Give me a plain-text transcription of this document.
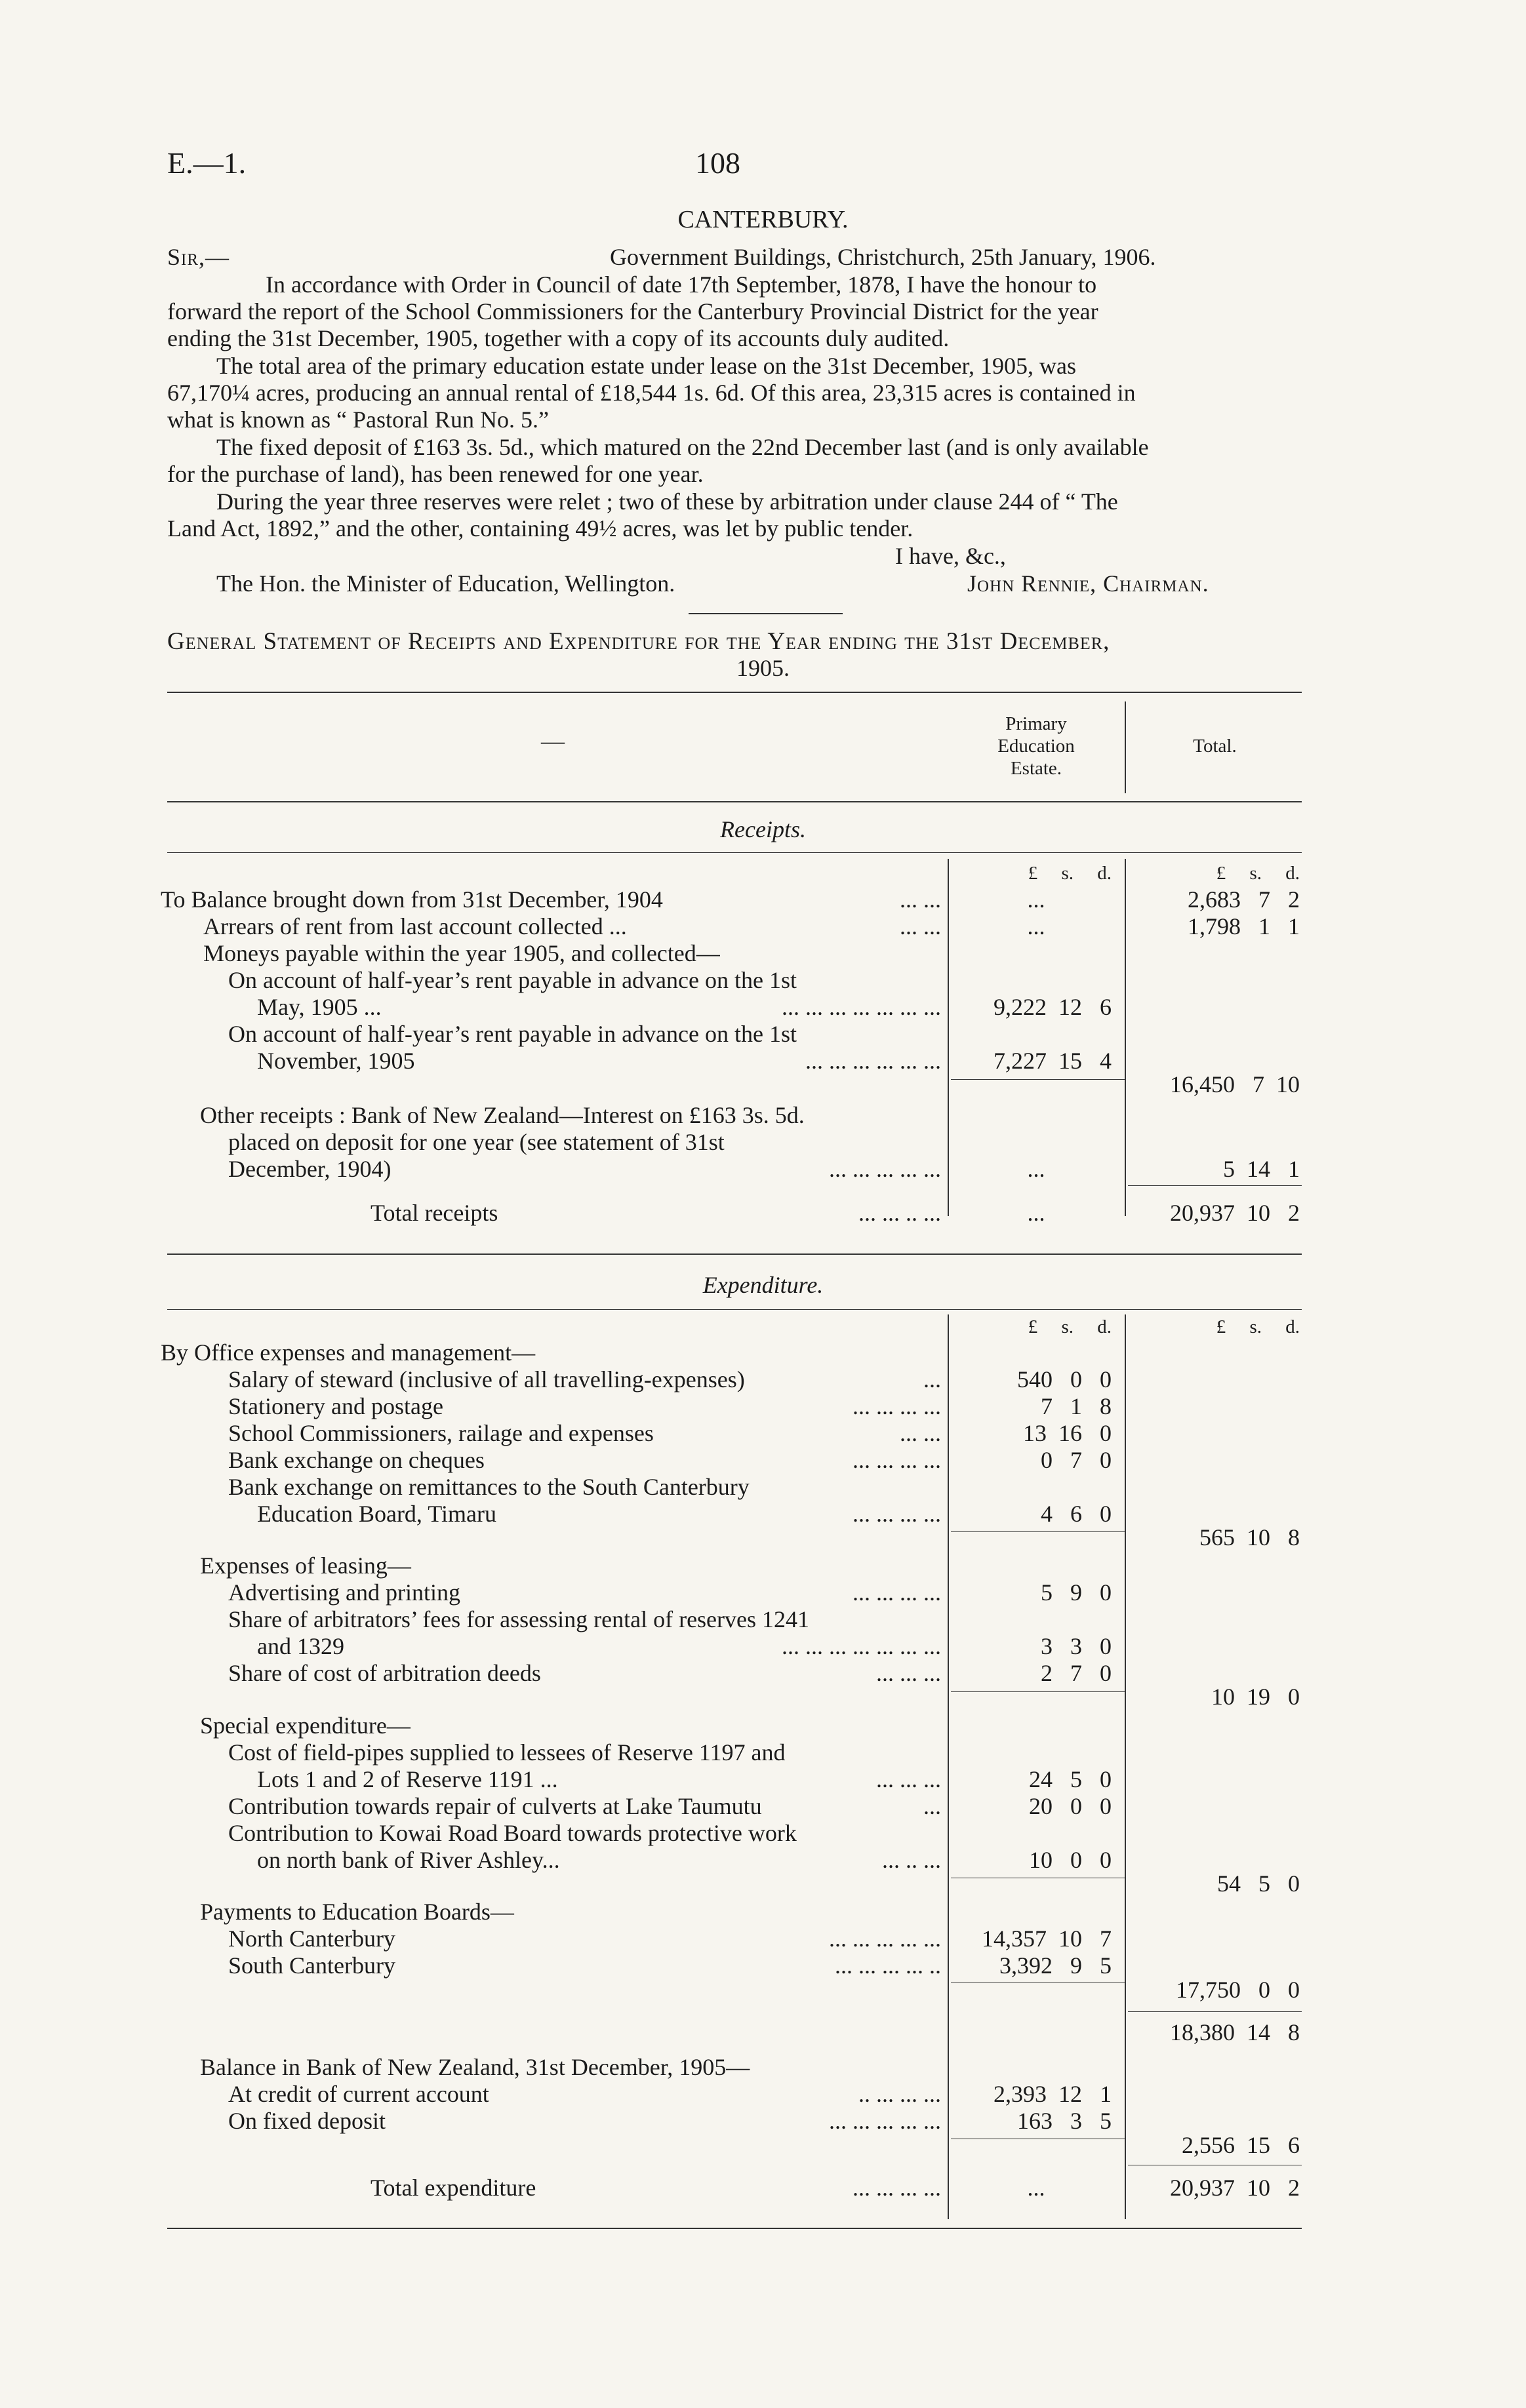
E.—1.	108
CANTERBURY.
Sir,—	Government Buildings, Christchurch, 25th January, 1906.
In accordance with Order in Council of date 17th September, 1878, I have the honour to
forward the report of the School Commissioners for the Canterbury Provincial District for the year
ending the 31st December, 1905, together with a copy of its accounts duly audited.
The total area of the primary education estate under lease on the 31st December, 1905, was
67,170¼ acres, producing an annual rental of £18,544 1s. 6d. Of this area, 23,315 acres is contained in
what is known as “ Pastoral Run No. 5.”
The fixed deposit of £163 3s. 5d., which matured on the 22nd December last (and is only available
for the purchase of land), has been renewed for one year.
During the year three reserves were relet ; two of these by arbitration under clause 244 of “ The
Land Act, 1892,” and the other, containing 49½ acres, was let by public tender.
I have, &c.,
The Hon. the Minister of Education, Wellington.	John Rennie, Chairman.
General Statement of Receipts and Expenditure for the Year ending the 31st December,
1905.
—
Primary
Education
Estate.
Total.
Receipts.
£ s. d.	£ s. d.
To Balance brought down from 31st December, 1904	... ...	...	2,683   7   2
Arrears of rent from last account collected ...	... ...	...	1,798   1   1
Moneys payable within the year 1905, and collected—
On account of half-year’s rent payable in advance on the 1st
May, 1905 ...	... ... ... ... ... ... ...	9,222  12   6
On account of half-year’s rent payable in advance on the 1st
November, 1905	... ... ... ... ... ...	7,227  15   4
16,450   7  10
Other receipts : Bank of New Zealand—Interest on £163 3s. 5d.
placed on deposit for one year (see statement of 31st
December, 1904)	... ... ... ... ...	...	5  14   1
Total receipts	... ... .. ...	...	20,937  10   2
Expenditure.
£ s. d.	£ s. d.
By Office expenses and management—
Salary of steward (inclusive of all travelling-expenses)	...	540   0   0
Stationery and postage	... ... ... ...	7   1   8
School Commissioners, railage and expenses	... ...	13  16   0
Bank exchange on cheques	... ... ... ...	0   7   0
Bank exchange on remittances to the South Canterbury
Education Board, Timaru	... ... ... ...	4   6   0
565  10   8
Expenses of leasing—
Advertising and printing	... ... ... ...	5   9   0
Share of arbitrators’ fees for assessing rental of reserves 1241
and 1329	... ... ... ... ... ... ...	3   3   0
Share of cost of arbitration deeds	... ... ...	2   7   0
10  19   0
Special expenditure—
Cost of field-pipes supplied to lessees of Reserve 1197 and
Lots 1 and 2 of Reserve 1191 ...	... ... ...	24   5   0
Contribution towards repair of culverts at Lake Taumutu	...	20   0   0
Contribution to Kowai Road Board towards protective work
on north bank of River Ashley...	... .. ...	10   0   0
54   5   0
Payments to Education Boards—
North Canterbury	... ... ... ... ...	14,357  10   7
South Canterbury	... ... ... ... ..	3,392   9   5
17,750   0   0
18,380  14   8
Balance in Bank of New Zealand, 31st December, 1905—
At credit of current account	.. ... ... ...	2,393  12   1
On fixed deposit	... ... ... ... ...	163   3   5
2,556  15   6
Total expenditure	... ... ... ...	...	20,937  10   2
